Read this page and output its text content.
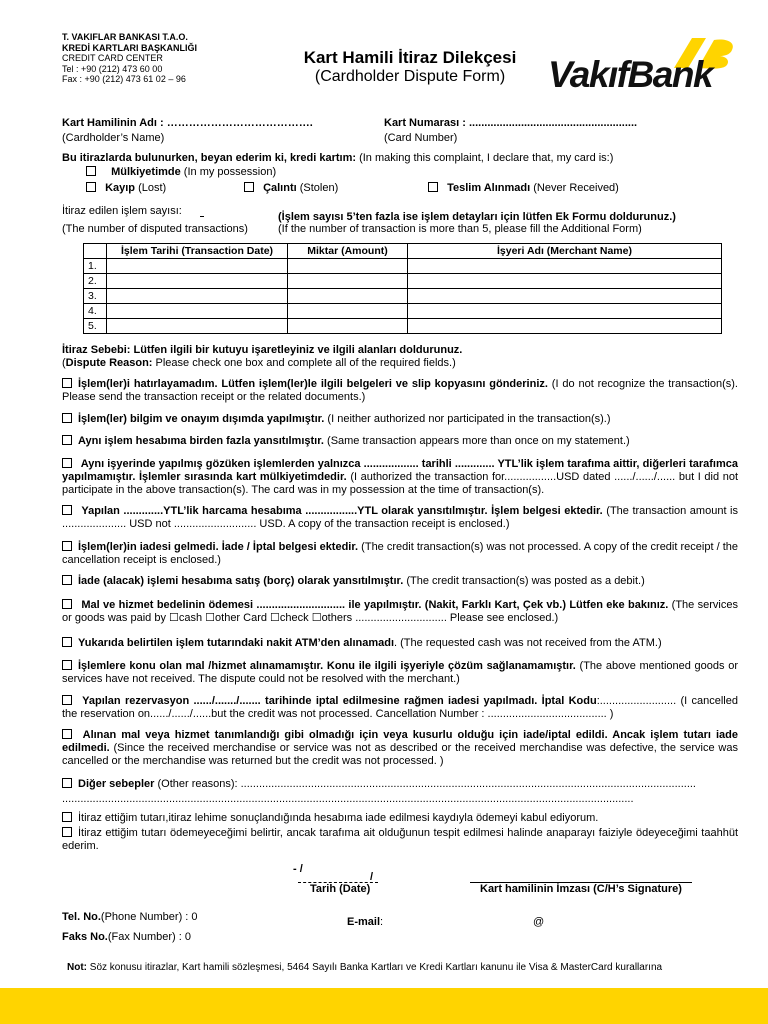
T. VAKIFLAR BANKASI T.A.O.
KREDİ KARTLARI BAŞKANLIĞI
CREDIT CARD CENTER
Tel : +90 (212) 473 60 00
Fax : +90 (212) 473 61 02 – 96
Kart Hamili İtiraz Dilekçesi
(Cardholder Dispute Form)	VakıfBank
Kart Hamilinin Adı : ………………………………….
(Cardholder’s Name)
Kart Numarası : .......................................................
(Card Number)
Bu itirazlarda bulunurken, beyan ederim ki, kredi kartım: (In making this complaint, I declare that, my card is:)
Mülkiyetimde (In my possession)
Kayıp (Lost)	Çalıntı (Stolen)	Teslim Alınmadı (Never Received)
İtiraz edilen işlem sayısı:
(The number of disputed transactions)
(İşlem sayısı 5’ten fazla ise işlem detayları için lütfen Ek Formu doldurunuz.)
(If the number of transaction is more than 5, please fill the Additional Form)
	İşlem Tarihi (Transaction Date)	Miktar (Amount)	İşyeri Adı (Merchant Name)
1.			
2.			
3.			
4.			
5.			
İtiraz Sebebi: Lütfen ilgili bir kutuyu işaretleyiniz ve ilgili alanları doldurunuz.
(Dispute Reason: Please check one box and complete all of the required fields.)
İşlem(ler)i hatırlayamadım. Lütfen işlem(ler)le ilgili belgeleri ve slip kopyasını gönderiniz. (I do not recognize the transaction(s). Please send the transaction receipt or the related documents.)
İşlem(ler) bilgim ve onayım dışımda yapılmıştır. (I neither authorized nor participated in the transaction(s).)
Aynı işlem hesabıma birden fazla yansıtılmıştır. (Same transaction appears more than once on my statement.)
Aynı işyerinde yapılmış gözüken işlemlerden yalnızca .................. tarihli ............. YTL’lik işlem tarafıma aittir, diğerleri tarafımca yapılmamıştır. İşlemler sırasında kart mülkiyetimdedir. (I authorized the transaction for.................USD dated ....../....../...... but I did not participate in the above transaction(s). The card was in my possession at the time of transaction(s).
Yapılan .............YTL’lik harcama hesabıma .................YTL olarak yansıtılmıştır. İşlem belgesi ektedir. (The transaction amount is ..................... USD not ........................... USD. A copy of the transaction receipt is enclosed.)
İşlem(ler)in iadesi gelmedi. İade / İptal belgesi ektedir. (The credit transaction(s) was not processed. A copy of the credit receipt / the cancellation receipt is enclosed.)
İade (alacak) işlemi hesabıma satış (borç) olarak yansıtılmıştır. (The credit transaction(s) was posted as a debit.)
Mal ve hizmet bedelinin ödemesi ............................. ile yapılmıştır. (Nakit, Farklı Kart, Çek vb.) Lütfen eke bakınız. (The services or goods was paid by ☐cash ☐other Card ☐check ☐others .............................. Please see enclosed.)
Yukarıda belirtilen işlem tutarındaki nakit ATM’den alınamadı. (The requested cash was not received from the ATM.)
İşlemlere konu olan mal /hizmet alınamamıştır. Konu ile ilgili işyeriyle çözüm sağlanamamıştır. (The above mentioned goods or services have not received. The dispute could not be resolved with the merchant.)
Yapılan rezervasyon ....../......./....... tarihinde iptal edilmesine rağmen iadesi yapılmadı. İptal Kodu:......................... (I cancelled the reservation on....../....../......but the credit was not processed. Cancellation Number : ....................................... )
Alınan mal veya hizmet tanımlandığı gibi olmadığı için veya kusurlu olduğu için iade/iptal edildi. Ancak işlem tutarı iade edilmedi. (Since the received merchandise or service was not as described or the received merchandise was defective, the service was cancelled or the merchandise was returned but the credit was not processed. )
Diğer sebepler (Other reasons): .....................................................................................................................................................
...........................................................................................................................................................................................
İtiraz ettiğim tutarı,itiraz lehime sonuçlandığında hesabıma iade edilmesi kaydıyla ödemeyi kabul ediyorum.
İtiraz ettiğim tutarı ödemeyeceğimi belirtir, ancak tarafıma ait olduğunun tespit edilmesi halinde anaparayı faiziyle ödeyeceğimi taahhüt ederim.
- /
/
Tarih (Date)	Kart hamilinin İmzası (C/H’s Signature)
Tel. No.(Phone Number) : 0
Faks No.(Fax Number) : 0
E-mail:	@
Not: Söz konusu itirazlar, Kart hamili sözleşmesi, 5464 Sayılı Banka Kartları ve Kredi Kartları kanunu ile Visa & MasterCard kurallarına
